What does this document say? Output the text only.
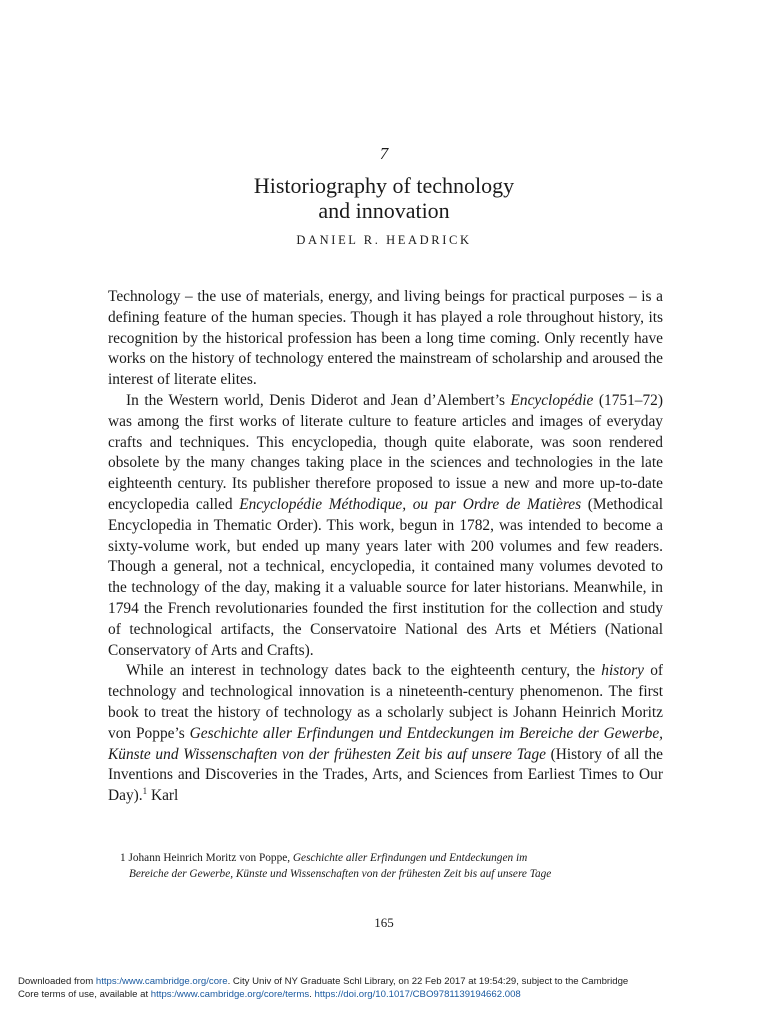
7
Historiography of technology
and innovation
DANIEL R. HEADRICK

Technology – the use of materials, energy, and living beings for practical purposes – is a defining feature of the human species. Though it has played a role throughout history, its recognition by the historical profession has been a long time coming. Only recently have works on the history of technology entered the mainstream of scholarship and aroused the interest of literate elites.

In the Western world, Denis Diderot and Jean d’Alembert’s Encyclopédie (1751–72) was among the first works of literate culture to feature articles and images of everyday crafts and techniques. This encyclopedia, though quite elaborate, was soon rendered obsolete by the many changes taking place in the sciences and technologies in the late eighteenth century. Its publisher therefore proposed to issue a new and more up-to-date encyclopedia called Encyclopédie Méthodique, ou par Ordre de Matières (Methodical Encyclopedia in Thematic Order). This work, begun in 1782, was intended to become a sixty-volume work, but ended up many years later with 200 volumes and few readers. Though a general, not a technical, encyclopedia, it contained many volumes devoted to the technology of the day, making it a valuable source for later historians. Meanwhile, in 1794 the French revolutionaries founded the first institution for the collection and study of technological artifacts, the Conservatoire National des Arts et Métiers (National Conservatory of Arts and Crafts).

While an interest in technology dates back to the eighteenth century, the history of technology and technological innovation is a nineteenth-century phenomenon. The first book to treat the history of technology as a scholarly subject is Johann Heinrich Moritz von Poppe’s Geschichte aller Erfindungen und Entdeckungen im Bereiche der Gewerbe, Künste und Wissenschaften von der frühesten Zeit bis auf unsere Tage (History of all the Inventions and Discoveries in the Trades, Arts, and Sciences from Earliest Times to Our Day).$^1$ Karl

1 Johann Heinrich Moritz von Poppe, Geschichte aller Erfindungen und Entdeckungen im
Bereiche der Gewerbe, Künste und Wissenschaften von der frühesten Zeit bis auf unsere Tage
165
Downloaded from https:/www.cambridge.org/core. City Univ of NY Graduate Schl Library, on 22 Feb 2017 at 19:54:29, subject to the Cambridge
Core terms of use, available at https:/www.cambridge.org/core/terms. https://doi.org/10.1017/CBO9781139194662.008
